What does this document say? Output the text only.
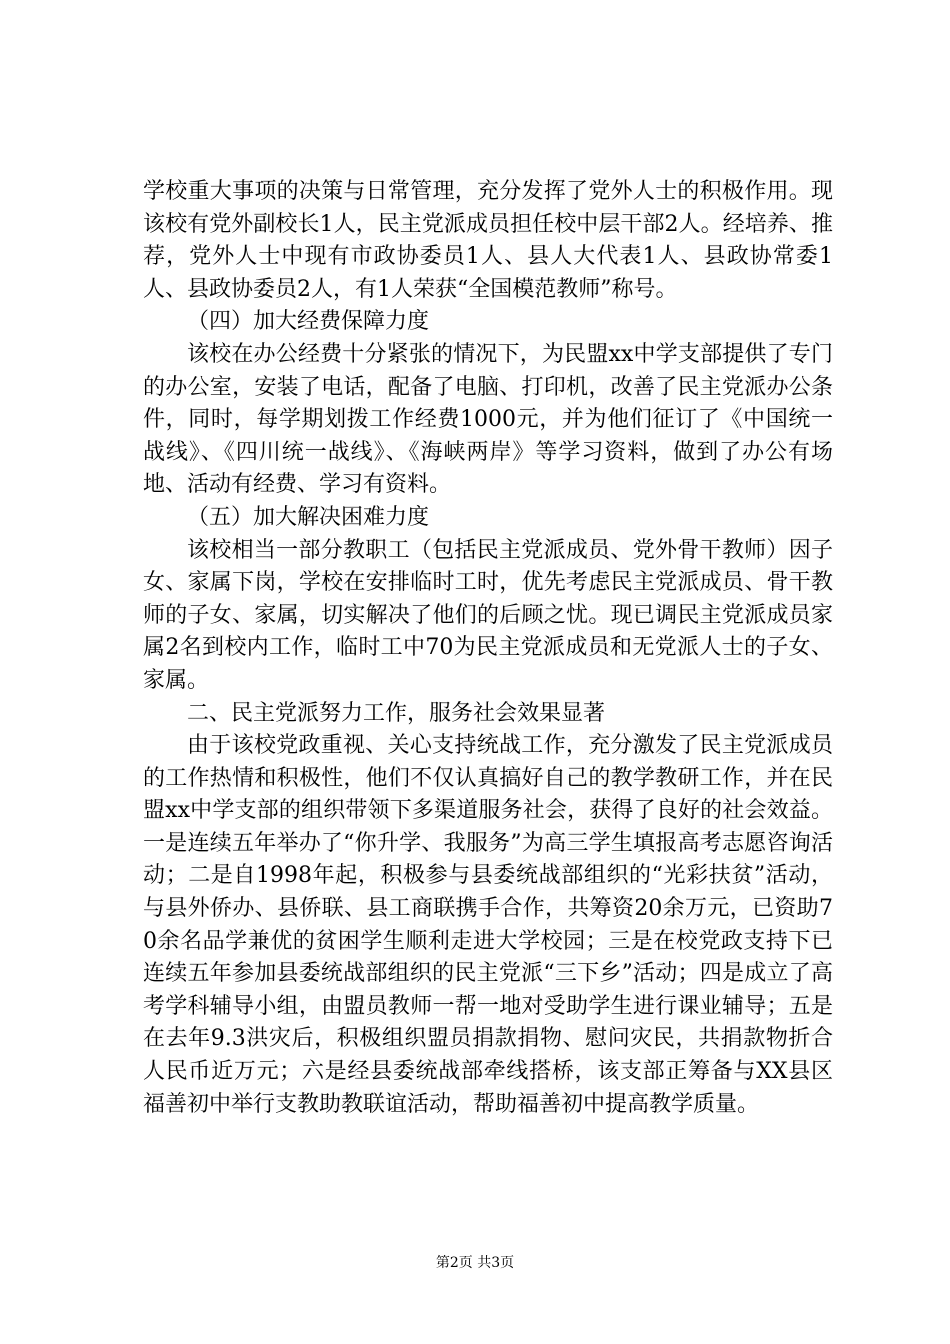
学校重大事项的决策与日常管理，充分发挥了党外人士的积极作用。现该校有党外副校长1人，民主党派成员担任校中层干部2人。经培养、推荐，党外人士中现有市政协委员1人、县人大代表1人、县政协常委1人、县政协委员2人，有1人荣获“全国模范教师”称号。

（四）加大经费保障力度

该校在办公经费十分紧张的情况下，为民盟xx中学支部提供了专门的办公室，安装了电话，配备了电脑、打印机，改善了民主党派办公条件，同时，每学期划拨工作经费1000元，并为他们征订了《中国统一战线》、《四川统一战线》、《海峡两岸》等学习资料，做到了办公有场地、活动有经费、学习有资料。

（五）加大解决困难力度

该校相当一部分教职工（包括民主党派成员、党外骨干教师）因子女、家属下岗，学校在安排临时工时，优先考虑民主党派成员、骨干教师的子女、家属，切实解决了他们的后顾之忧。现已调民主党派成员家属2名到校内工作，临时工中70为民主党派成员和无党派人士的子女、家属。

二、民主党派努力工作，服务社会效果显著

由于该校党政重视、关心支持统战工作，充分激发了民主党派成员的工作热情和积极性，他们不仅认真搞好自己的教学教研工作，并在民盟xx中学支部的组织带领下多渠道服务社会，获得了良好的社会效益。一是连续五年举办了“你升学、我服务”为高三学生填报高考志愿咨询活动；二是自1998年起，积极参与县委统战部组织的“光彩扶贫”活动，与县外侨办、县侨联、县工商联携手合作，共筹资20余万元，已资助70余名品学兼优的贫困学生顺利走进大学校园；三是在校党政支持下已连续五年参加县委统战部组织的民主党派“三下乡”活动；四是成立了高考学科辅导小组，由盟员教师一帮一地对受助学生进行课业辅导；五是在去年9.3洪灾后，积极组织盟员捐款捐物、慰问灾民，共捐款物折合人民币近万元；六是经县委统战部牵线搭桥，该支部正筹备与XX县区福善初中举行支教助教联谊活动，帮助福善初中提高教学质量。

第2页 共3页
